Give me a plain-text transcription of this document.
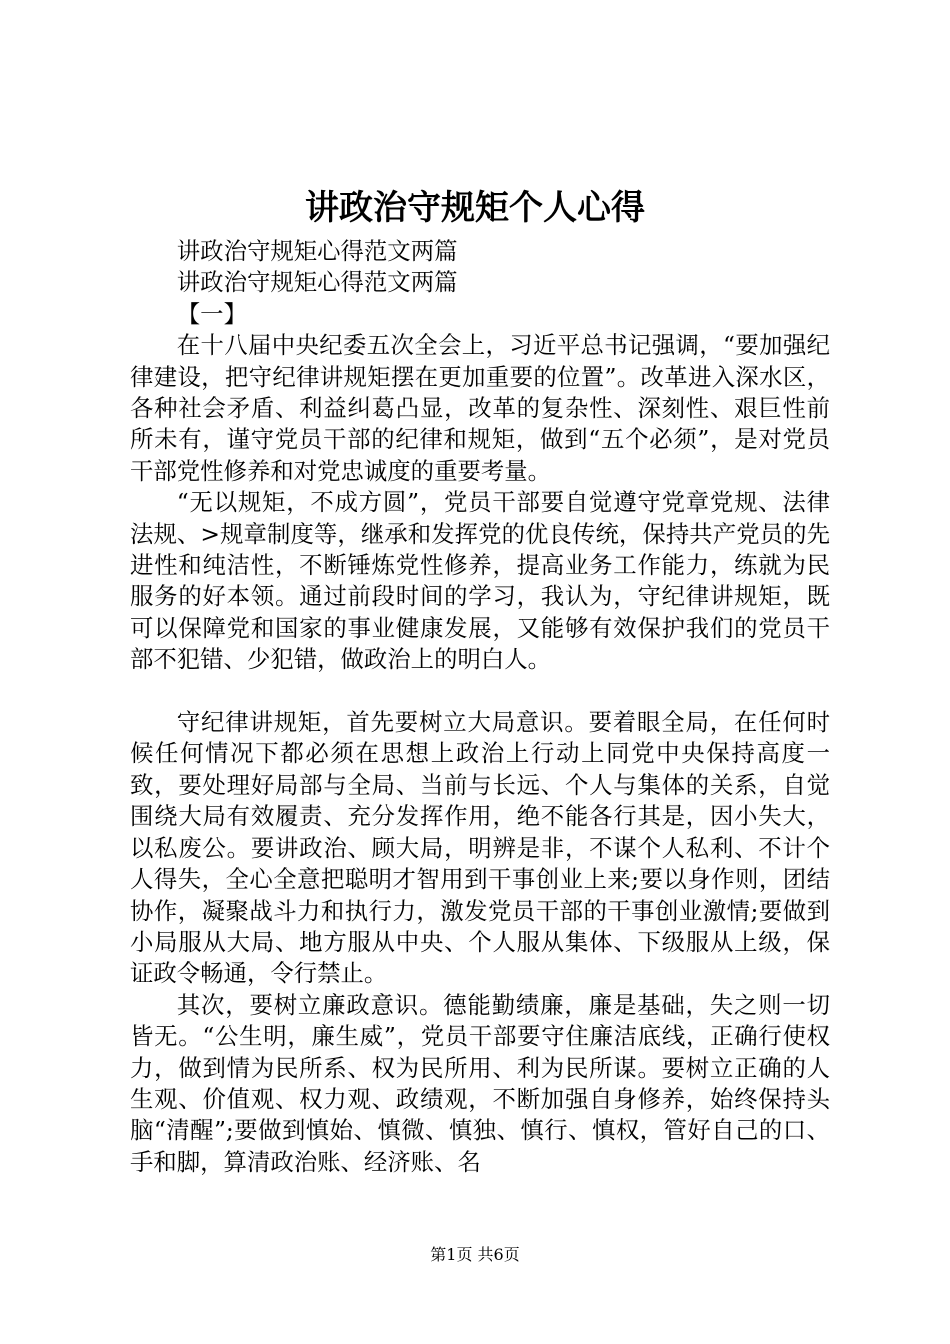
讲政治守规矩个人心得

讲政治守规矩心得范文两篇

讲政治守规矩心得范文两篇

【一】

在十八届中央纪委五次全会上，习近平总书记强调，“要加强纪律建设，把守纪律讲规矩摆在更加重要的位置”。改革进入深水区，各种社会矛盾、利益纠葛凸显，改革的复杂性、深刻性、艰巨性前所未有，谨守党员干部的纪律和规矩，做到“五个必须”，是对党员干部党性修养和对党忠诚度的重要考量。

“无以规矩，不成方圆”，党员干部要自觉遵守党章党规、法律法规、>规章制度等，继承和发挥党的优良传统，保持共产党员的先进性和纯洁性，不断锤炼党性修养，提高业务工作能力，练就为民服务的好本领。通过前段时间的学习，我认为，守纪律讲规矩，既可以保障党和国家的事业健康发展，又能够有效保护我们的党员干部不犯错、少犯错，做政治上的明白人。

守纪律讲规矩，首先要树立大局意识。要着眼全局，在任何时候任何情况下都必须在思想上政治上行动上同党中央保持高度一致，要处理好局部与全局、当前与长远、个人与集体的关系，自觉围绕大局有效履责、充分发挥作用，绝不能各行其是，因小失大，以私废公。要讲政治、顾大局，明辨是非，不谋个人私利、不计个人得失，全心全意把聪明才智用到干事创业上来;要以身作则，团结协作，凝聚战斗力和执行力，激发党员干部的干事创业激情;要做到小局服从大局、地方服从中央、个人服从集体、下级服从上级，保证政令畅通，令行禁止。

其次，要树立廉政意识。德能勤绩廉，廉是基础，失之则一切皆无。“公生明，廉生威”，党员干部要守住廉洁底线，正确行使权力，做到情为民所系、权为民所用、利为民所谋。要树立正确的人生观、价值观、权力观、政绩观，不断加强自身修养，始终保持头脑“清醒”;要做到慎始、慎微、慎独、慎行、慎权，管好自己的口、手和脚，算清政治账、经济账、名

第1页 共6页
